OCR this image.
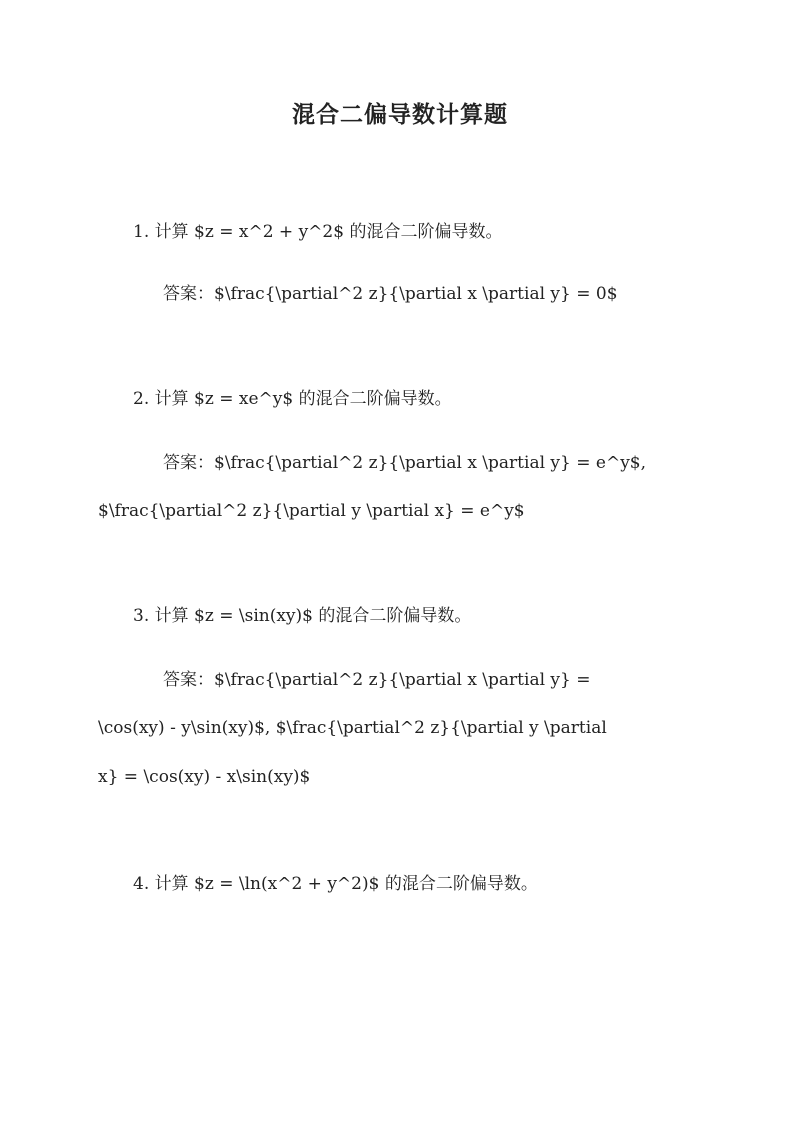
混合二偏导数计算题
1. 计算 $z = x^2 + y^2$ 的混合二阶偏导数。
答案：$\frac{\partial^2 z}{\partial x \partial y} = 0$
2. 计算 $z = xe^y$ 的混合二阶偏导数。
答案：$\frac{\partial^2 z}{\partial x \partial y} = e^y$,
$\frac{\partial^2 z}{\partial y \partial x} = e^y$
3. 计算 $z = \sin(xy)$ 的混合二阶偏导数。
答案：$\frac{\partial^2 z}{\partial x \partial y} =
\cos(xy) - y\sin(xy)$, $\frac{\partial^2 z}{\partial y \partial
x} = \cos(xy) - x\sin(xy)$
4. 计算 $z = \ln(x^2 + y^2)$ 的混合二阶偏导数。
